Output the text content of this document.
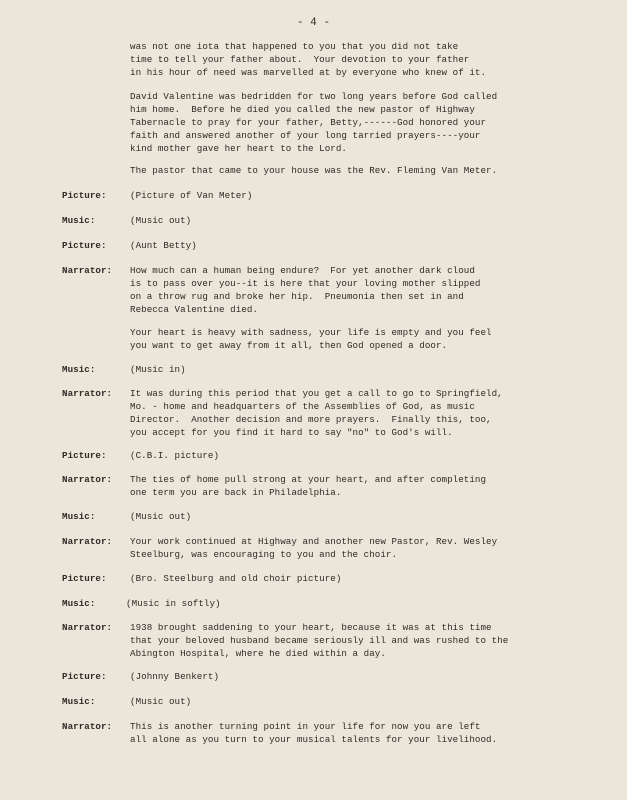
- 4 -

was not one iota that happened to you that you did not take
time to tell your father about.  Your devotion to your father
in his hour of need was marvelled at by everyone who knew of it.

David Valentine was bedridden for two long years before God called
him home.  Before he died you called the new pastor of Highway
Tabernacle to pray for your father, Betty,------God honored your
faith and answered another of your long tarried prayers----your
kind mother gave her heart to the Lord.

The pastor that came to your house was the Rev. Fleming Van Meter.

Picture:	(Picture of Van Meter)
Music:	(Music out)
Picture:	(Aunt Betty)
Narrator: How much can a human being endure?  For yet another dark cloud
is to pass over you--it is here that your loving mother slipped
on a throw rug and broke her hip.  Pneumonia then set in and
Rebecca Valentine died.
Your heart is heavy with sadness, your life is empty and you feel
you want to get away from it all, then God opened a door.
Music:	(Music in)
Narrator: It was during this period that you get a call to go to Springfield,
Mo. - home and headquarters of the Assemblies of God, as music
Director.  Another decision and more prayers.  Finally this, too,
you accept for you find it hard to say "no" to God's will.
Picture:	(C.B.I. picture)
Narrator: The ties of home pull strong at your heart, and after completing
one term you are back in Philadelphia.
Music:	(Music out)
Narrator: Your work continued at Highway and another new Pastor, Rev. Wesley
Steelburg, was encouraging to you and the choir.
Picture:	(Bro. Steelburg and old choir picture)
Music:	(Music in softly)
Narrator: 1938 brought saddening to your heart, because it was at this time
that your beloved husband became seriously ill and was rushed to the
Abington Hospital, where he died within a day.
Picture:	(Johnny Benkert)
Music:	(Music out)
Narrator: This is another turning point in your life for now you are left
all alone as you turn to your musical talents for your livelihood.
